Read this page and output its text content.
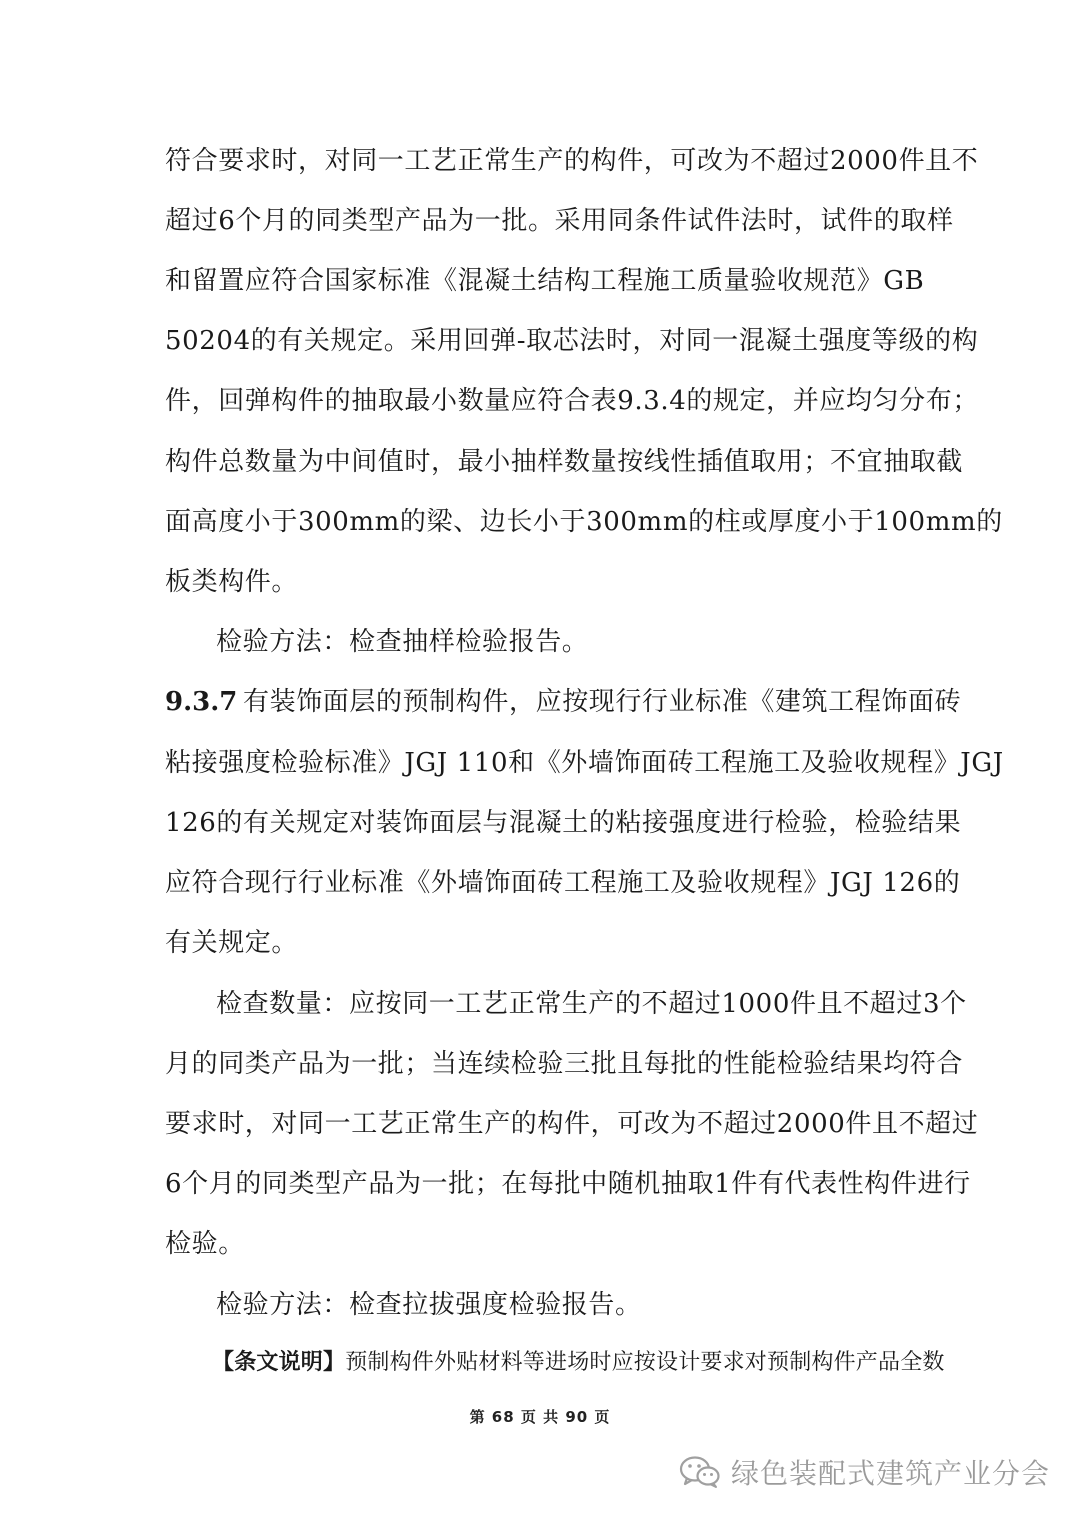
符合要求时，对同一工艺正常生产的构件，可改为不超过2000件且不
超过6个月的同类型产品为一批。采用同条件试件法时，试件的取样
和留置应符合国家标准《混凝土结构工程施工质量验收规范》GB
50204的有关规定。采用回弹-取芯法时，对同一混凝土强度等级的构
件，回弹构件的抽取最小数量应符合表9.3.4的规定，并应均匀分布；
构件总数量为中间值时，最小抽样数量按线性插值取用；不宜抽取截
面高度小于300mm的梁、边长小于300mm的柱或厚度小于100mm的
板类构件。
检验方法：检查抽样检验报告。
9.3.7 有装饰面层的预制构件，应按现行行业标准《建筑工程饰面砖
粘接强度检验标准》JGJ 110和《外墙饰面砖工程施工及验收规程》JGJ
126的有关规定对装饰面层与混凝土的粘接强度进行检验，检验结果
应符合现行行业标准《外墙饰面砖工程施工及验收规程》JGJ 126的
有关规定。
检查数量：应按同一工艺正常生产的不超过1000件且不超过3个
月的同类产品为一批；当连续检验三批且每批的性能检验结果均符合
要求时，对同一工艺正常生产的构件，可改为不超过2000件且不超过
6个月的同类型产品为一批；在每批中随机抽取1件有代表性构件进行
检验。
检验方法：检查拉拔强度检验报告。
【条文说明】预制构件外贴材料等进场时应按设计要求对预制构件产品全数
第 68 页 共 90 页
绿色装配式建筑产业分会
